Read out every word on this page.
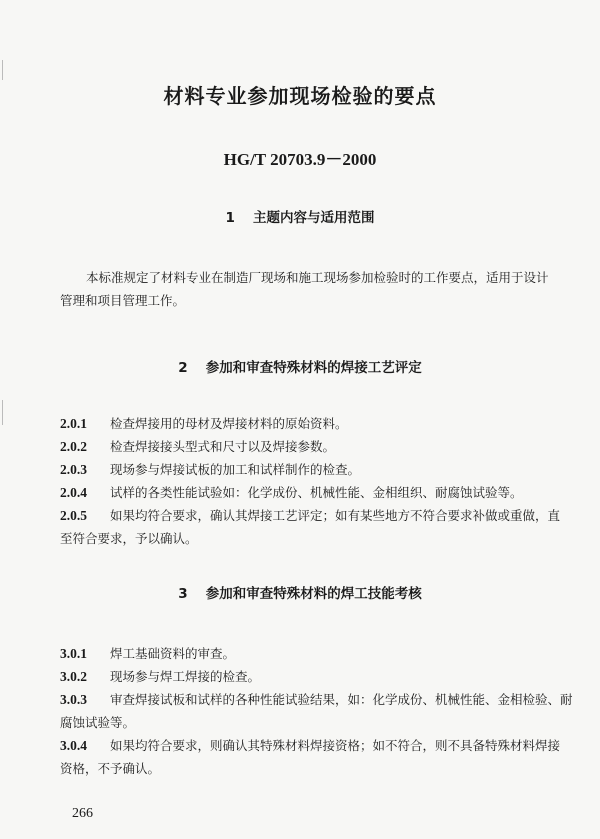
材料专业参加现场检验的要点
HG/T 20703.9－2000
1 主题内容与适用范围
本标准规定了材料专业在制造厂现场和施工现场参加检验时的工作要点，适用于设计
管理和项目管理工作。
2 参加和审查特殊材料的焊接工艺评定
2.0.1 检查焊接用的母材及焊接材料的原始资料。
2.0.2 检查焊接接头型式和尺寸以及焊接参数。
2.0.3 现场参与焊接试板的加工和试样制作的检查。
2.0.4 试样的各类性能试验如：化学成份、机械性能、金相组织、耐腐蚀试验等。
2.0.5 如果均符合要求，确认其焊接工艺评定；如有某些地方不符合要求补做或重做，直
至符合要求，予以确认。
3 参加和审查特殊材料的焊工技能考核
3.0.1 焊工基础资料的审查。
3.0.2 现场参与焊工焊接的检查。
3.0.3 审查焊接试板和试样的各种性能试验结果，如：化学成份、机械性能、金相检验、耐
腐蚀试验等。
3.0.4 如果均符合要求，则确认其特殊材料焊接资格；如不符合，则不具备特殊材料焊接
资格，不予确认。
266
